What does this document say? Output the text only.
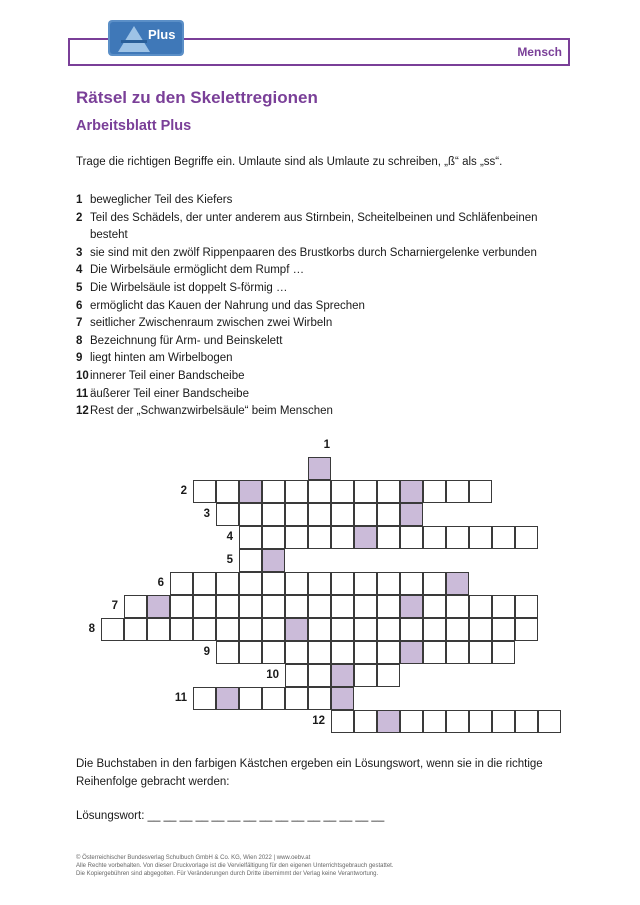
Mensch
Plus
Rätsel zu den Skelettregionen
Arbeitsblatt Plus
Trage die richtigen Begriffe ein. Umlaute sind als Umlaute zu schreiben, „ß“ als „ss“.
1 beweglicher Teil des Kiefers
2 Teil des Schädels, der unter anderem aus Stirnbein, Scheitelbeinen und Schläfenbeinen besteht
3 sie sind mit den zwölf Rippenpaaren des Brustkorbs durch Scharniergelenke verbunden
4 Die Wirbelsäule ermöglicht dem Rumpf …
5 Die Wirbelsäule ist doppelt S-förmig …
6 ermöglicht das Kauen der Nahrung und das Sprechen
7 seitlicher Zwischenraum zwischen zwei Wirbeln
8 Bezeichnung für Arm- und Beinskelett
9 liegt hinten am Wirbelbogen
10 innerer Teil einer Bandscheibe
11 äußerer Teil einer Bandscheibe
12 Rest der „Schwanzwirbelsäule“ beim Menschen
1
2
3
4
5
6
7
8
9
10
11
12
Die Buchstaben in den farbigen Kästchen ergeben ein Lösungswort, wenn sie in die richtige Reihenfolge gebracht werden:
Lösungswort: __ __ __ __ __ __ __ __ __ __ __ __ __ __ __
© Österreichischer Bundesverlag Schulbuch GmbH & Co. KG, Wien 2022 | www.oebv.at
Alle Rechte vorbehalten. Von dieser Druckvorlage ist die Vervielfältigung für den eigenen Unterrichtsgebrauch gestattet.
Die Kopiergebühren sind abgegolten. Für Veränderungen durch Dritte übernimmt der Verlag keine Verantwortung.
